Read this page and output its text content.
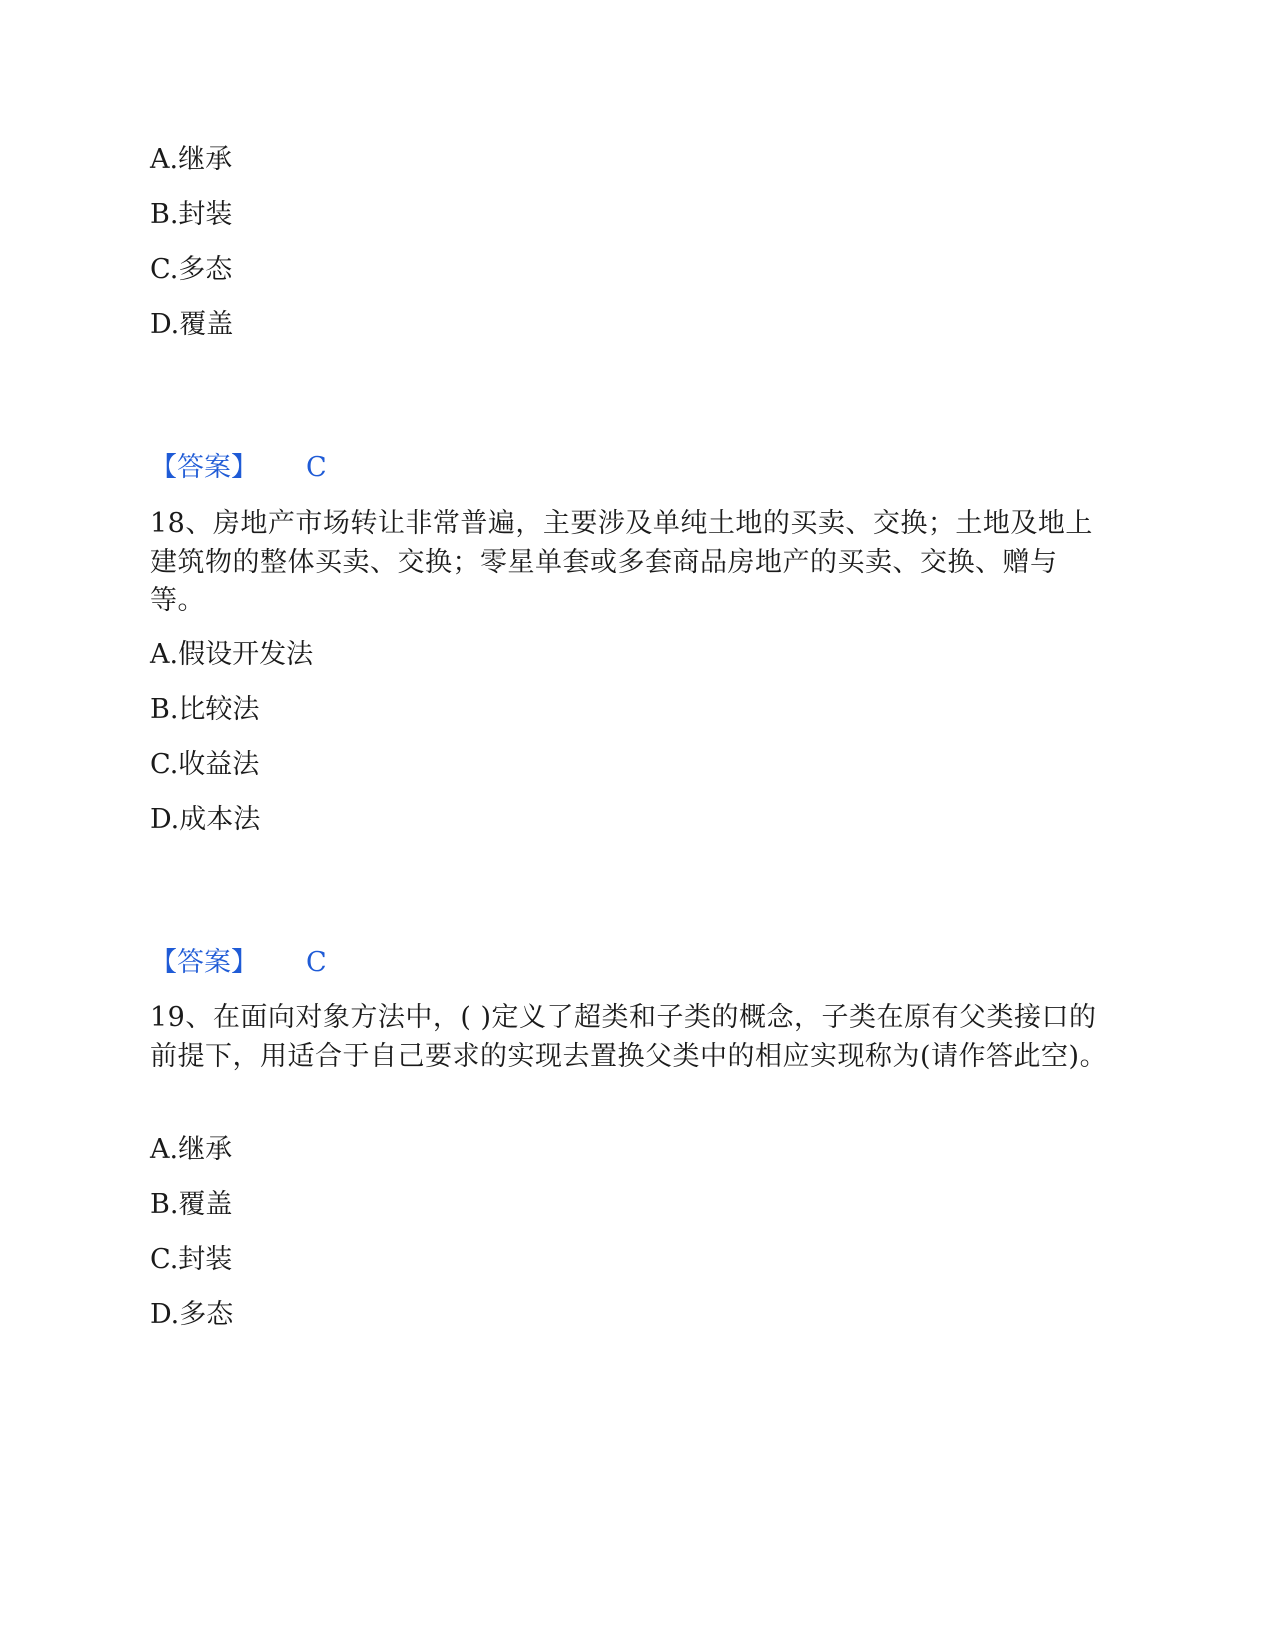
A.继承
B.封装
C.多态
D.覆盖
【答案】 C
18、房地产市场转让非常普遍，主要涉及单纯土地的买卖、交换；土地及地上建筑物的整体买卖、交换；零星单套或多套商品房地产的买卖、交换、赠与等。
A.假设开发法
B.比较法
C.收益法
D.成本法
【答案】 C
19、在面向对象方法中，( )定义了超类和子类的概念，子类在原有父类接口的前提下，用适合于自己要求的实现去置换父类中的相应实现称为(请作答此空)。
A.继承
B.覆盖
C.封装
D.多态
